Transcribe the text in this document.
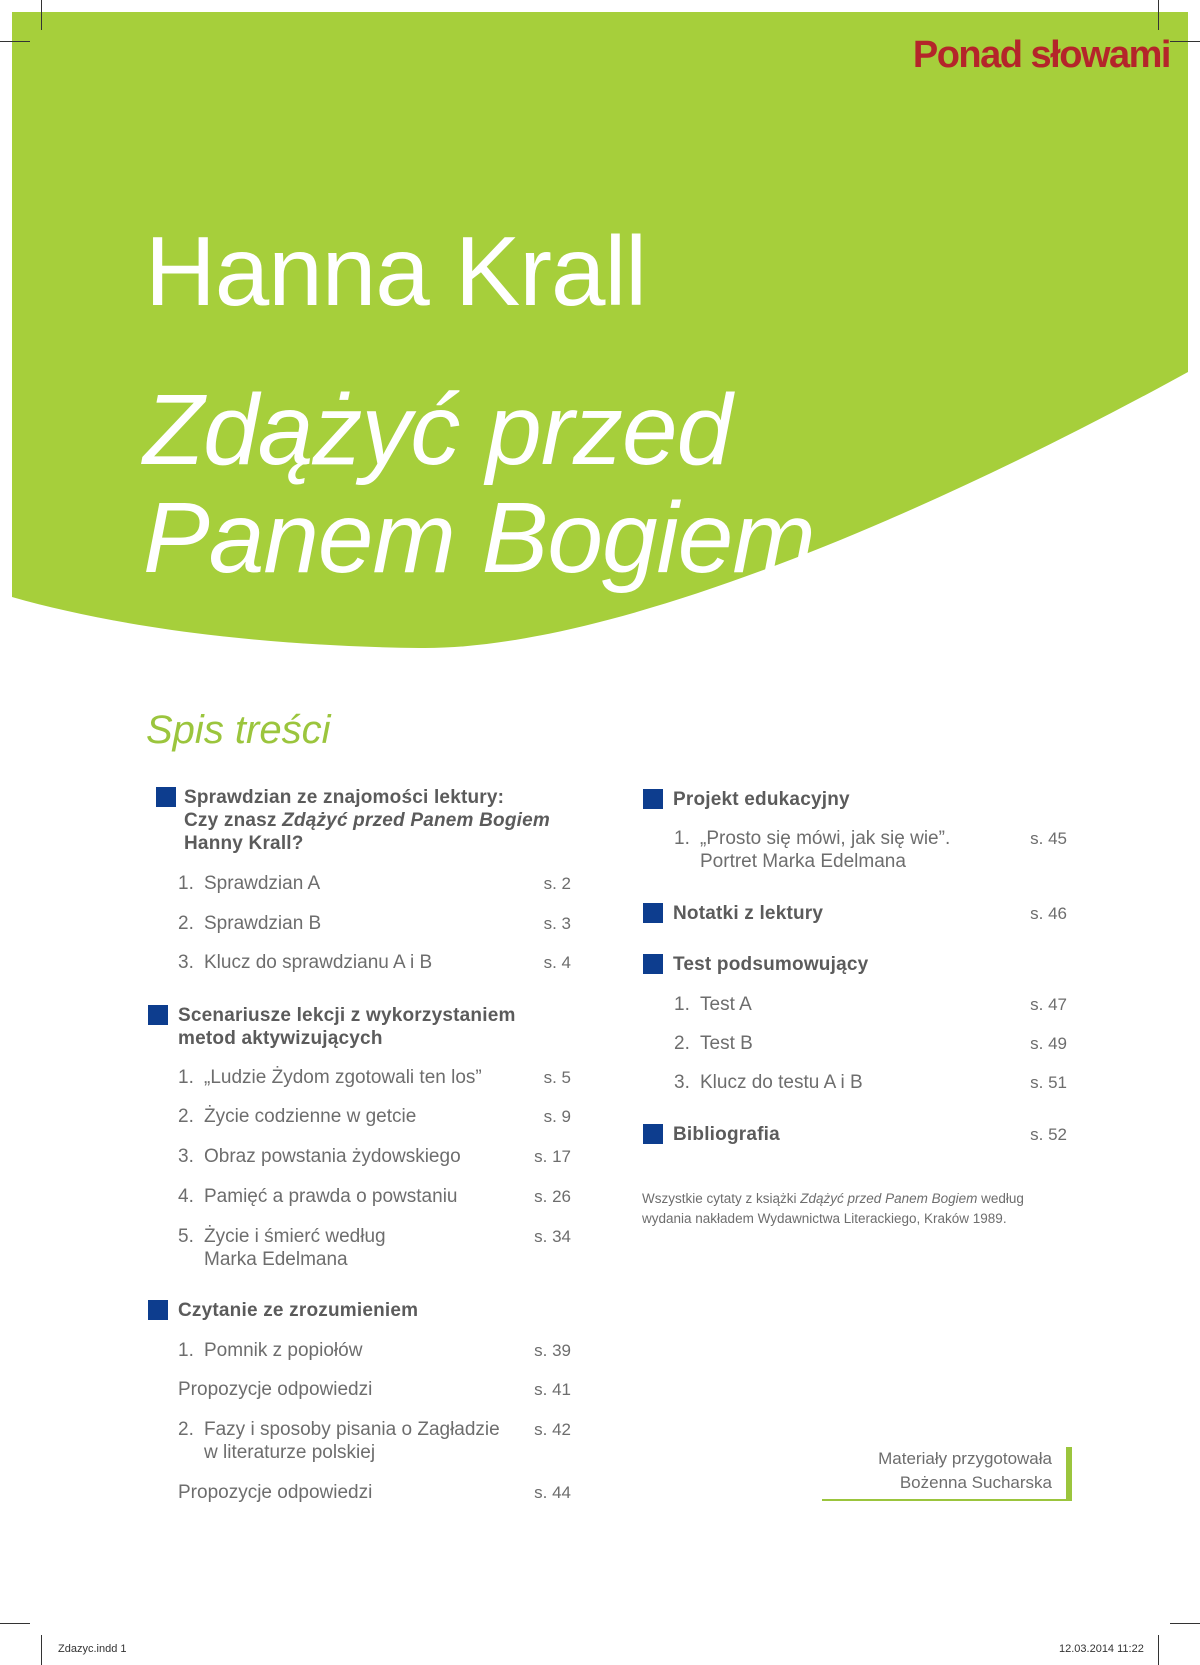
Ponad słowami
Hanna Krall
Zdążyć przed
Panem Bogiem
Spis treści
Sprawdzian ze znajomości lektury:
Czy znasz Zdążyć przed Panem Bogiem
Hanny Krall?
1. Sprawdzian A	s. 2
2. Sprawdzian B	s. 3
3. Klucz do sprawdzianu A i B	s. 4
Scenariusze lekcji z wykorzystaniem
metod aktywizujących
1. „Ludzie Żydom zgotowali ten los”	s. 5
2. Życie codzienne w getcie	s. 9
3. Obraz powstania żydowskiego	s. 17
4. Pamięć a prawda o powstaniu	s. 26
5. Życie i śmierć według
Marka Edelmana
s. 34
Czytanie ze zrozumieniem
1. Pomnik z popiołów	s. 39
Propozycje odpowiedzi	s. 41
2. Fazy i sposoby pisania o Zagładzie
w literaturze polskiej
s. 42
Propozycje odpowiedzi	s. 44
Projekt edukacyjny
1. „Prosto się mówi, jak się wie”.
Portret Marka Edelmana
s. 45
Notatki z lektury	s. 46
Test podsumowujący
1. Test A	s. 47
2. Test B	s. 49
3. Klucz do testu A i B	s. 51
Bibliografia	s. 52
Wszystkie cytaty z książki Zdążyć przed Panem Bogiem według
wydania nakładem Wydawnictwa Literackiego, Kraków 1989.
Materiały przygotowała
Bożenna Sucharska
Zdazyc.indd 1	12.03.2014 11:22
